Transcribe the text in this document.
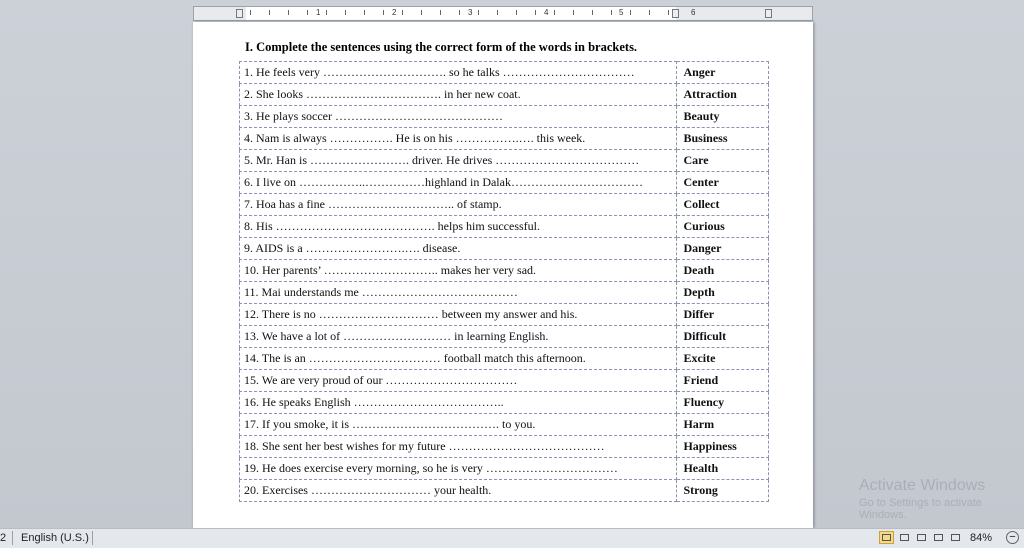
1	2	3	4	5	6
I. Complete the sentences using the correct form of the words in brackets.
1. He feels very …………………………. so he talks ……………………………	Anger
2. She looks ……………………………. in her new coat.	Attraction
3. He plays soccer ……………………………………	Beauty
4. Nam is always ……………. He is on his …………….…. this week.	Business
5. Mr. Han is ……………………. driver. He drives ………………………………	Care
6. I live on ……………..……………highland in Dalak……………………………	Center
7. Hoa has a fine ………………………….. of stamp.	Collect
8. His …………………………………. helps him successful.	Curious
9. AIDS is a …………………….…. disease.	Danger
10. Her parents’ ……………………….. makes her very sad.	Death
11. Mai understands me …………………………………	Depth
12. There is no ………………………… between my answer and his.	Differ
13. We have a lot of ……………………… in learning English.	Difficult
14. The is an …………………………… football match this afternoon.	Excite
15. We are very proud of our ……………………………	Friend
16. He speaks English ………………………………..	Fluency
17. If you smoke, it is ………………………………. to you.	Harm
18. She sent her best wishes for my future …………………………………	Happiness
19. He does exercise every morning, so he is very ……………………………	Health
20. Exercises ………………………… your health.	Strong	Activate Windows
Go to Settings to activate Windows.
2 English (U.S.)	84% −
